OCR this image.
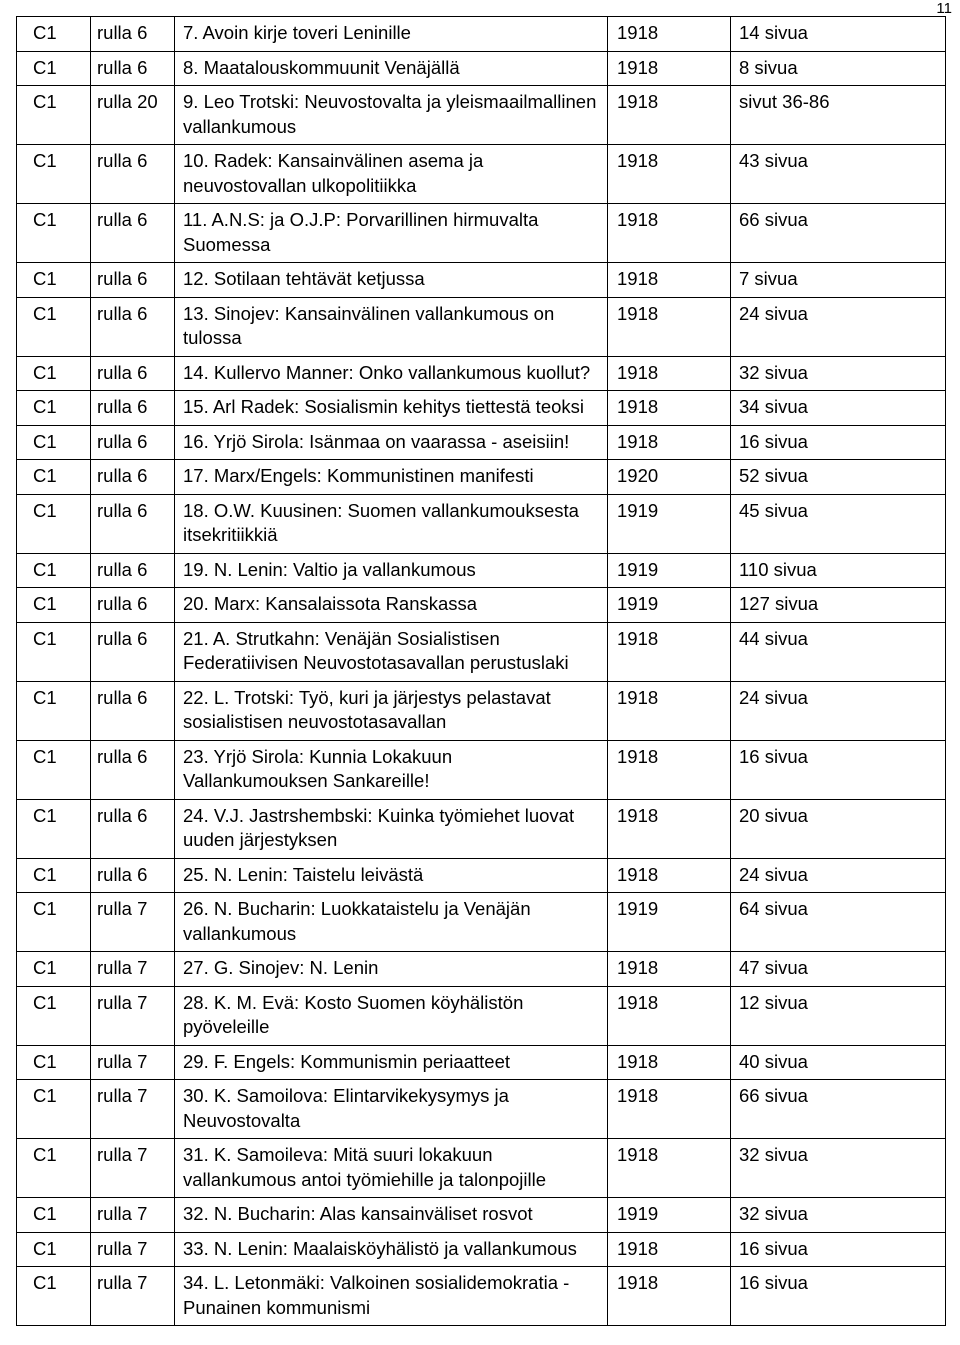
11
C1	rulla 6	7. Avoin kirje toveri Leninille	1918	14 sivua
C1	rulla 6	8. Maatalouskommuunit Venäjällä	1918	8 sivua
C1	rulla 20	9. Leo Trotski: Neuvostovalta ja yleismaailmallinen vallankumous	1918	sivut 36-86
C1	rulla 6	10. Radek: Kansainvälinen asema ja neuvostovallan ulkopolitiikka	1918	43 sivua
C1	rulla 6	11. A.N.S: ja O.J.P: Porvarillinen hirmuvalta Suomessa	1918	66 sivua
C1	rulla 6	12. Sotilaan tehtävät ketjussa	1918	7 sivua
C1	rulla 6	13. Sinojev: Kansainvälinen vallankumous on tulossa	1918	24 sivua
C1	rulla 6	14. Kullervo Manner: Onko vallankumous kuollut?	1918	32 sivua
C1	rulla 6	15. Arl Radek: Sosialismin kehitys tiettestä teoksi	1918	34 sivua
C1	rulla 6	16. Yrjö Sirola: Isänmaa on vaarassa - aseisiin!	1918	16 sivua
C1	rulla 6	17. Marx/Engels: Kommunistinen manifesti	1920	52 sivua
C1	rulla 6	18. O.W. Kuusinen: Suomen vallankumouksesta itsekritiikkiä	1919	45 sivua
C1	rulla 6	19. N. Lenin: Valtio ja vallankumous	1919	110 sivua
C1	rulla 6	20. Marx: Kansalaissota Ranskassa	1919	127 sivua
C1	rulla 6	21. A. Strutkahn: Venäjän Sosialistisen Federatiivisen Neuvostotasavallan perustuslaki	1918	44 sivua
C1	rulla 6	22. L. Trotski: Työ, kuri ja järjestys pelastavat sosialistisen neuvostotasavallan	1918	24 sivua
C1	rulla 6	23. Yrjö Sirola: Kunnia Lokakuun Vallankumouksen Sankareille!	1918	16 sivua
C1	rulla 6	24. V.J. Jastrshembski: Kuinka työmiehet luovat uuden järjestyksen	1918	20 sivua
C1	rulla 6	25. N. Lenin: Taistelu leivästä	1918	24 sivua
C1	rulla 7	26. N. Bucharin: Luokkataistelu ja Venäjän vallankumous	1919	64 sivua
C1	rulla 7	27. G. Sinojev: N. Lenin	1918	47 sivua
C1	rulla 7	28. K. M. Evä: Kosto Suomen köyhälistön pyöveleille	1918	12 sivua
C1	rulla 7	29. F. Engels: Kommunismin periaatteet	1918	40 sivua
C1	rulla 7	30. K. Samoilova: Elintarvikekysymys ja Neuvostovalta	1918	66 sivua
C1	rulla 7	31. K. Samoileva: Mitä suuri lokakuun vallankumous antoi työmiehille ja talonpojille	1918	32 sivua
C1	rulla 7	32. N. Bucharin: Alas kansainväliset rosvot	1919	32 sivua
C1	rulla 7	33. N. Lenin: Maalaisköyhälistö ja vallankumous	1918	16 sivua
C1	rulla 7	34. L. Letonmäki: Valkoinen sosialidemokratia - Punainen kommunismi	1918	16 sivua
